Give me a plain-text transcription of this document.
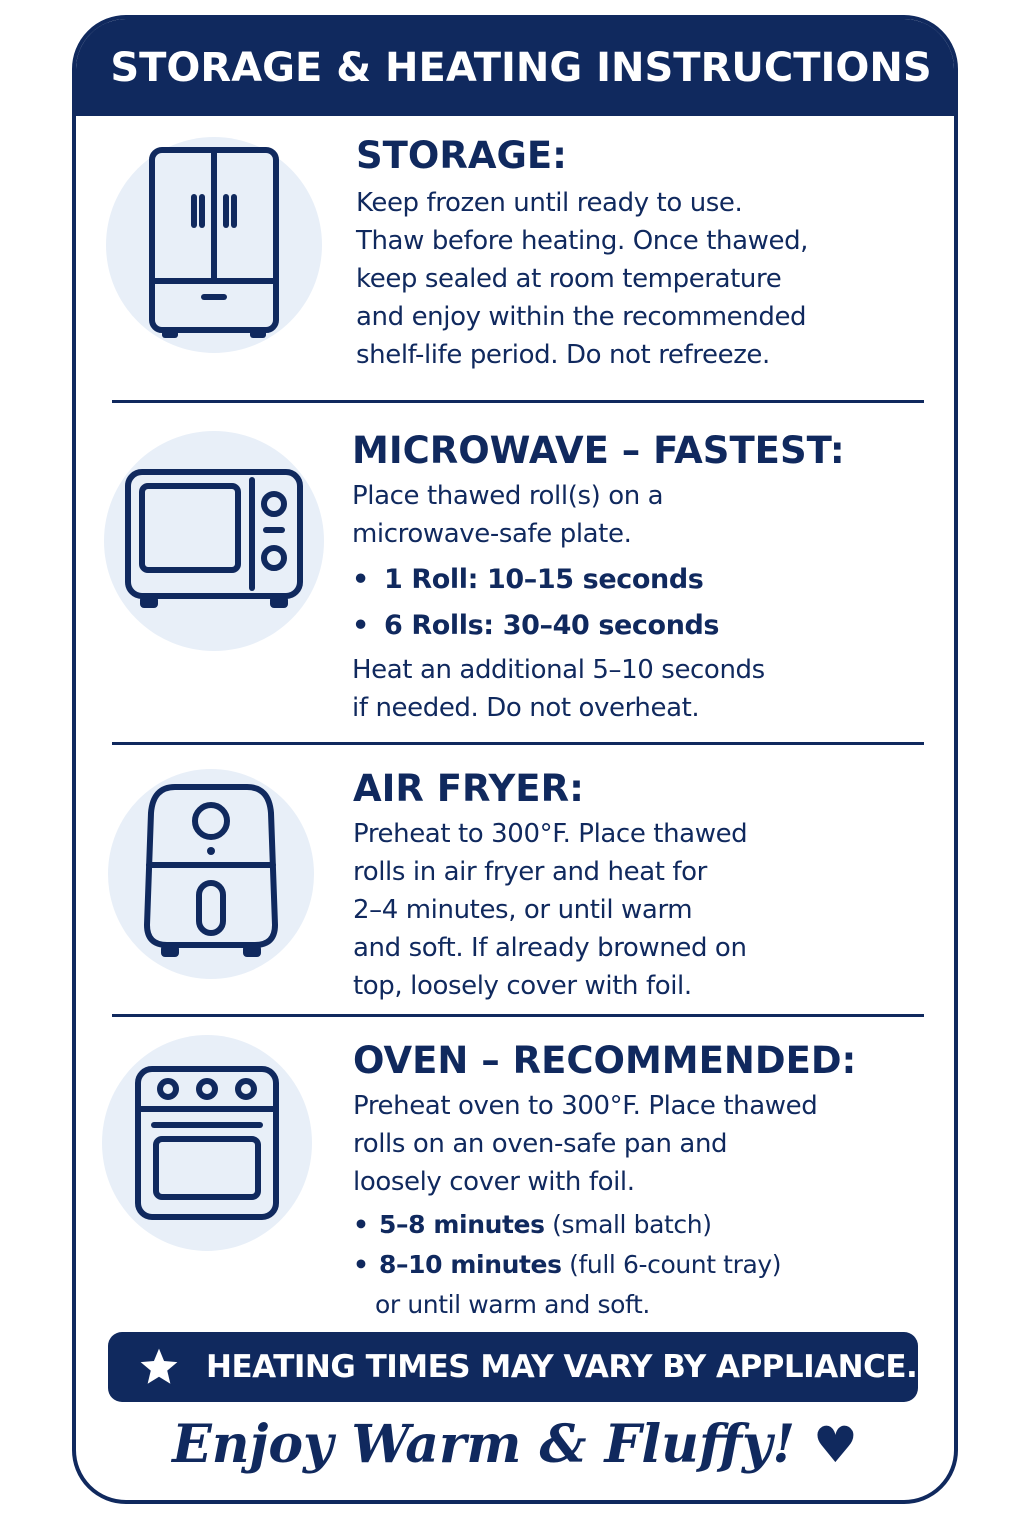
STORAGE & HEATING INSTRUCTIONS
STORAGE:
Keep frozen until ready to use.
Thaw before heating. Once thawed,
keep sealed at room temperature
and enjoy within the recommended
shelf-life period. Do not refreeze.
MICROWAVE – FASTEST:
Place thawed roll(s) on a
microwave-safe plate.
• 1 Roll: 10–15 seconds
• 6 Rolls: 30–40 seconds
Heat an additional 5–10 seconds
if needed. Do not overheat.
AIR FRYER:
Preheat to 300°F. Place thawed
rolls in air fryer and heat for
2–4 minutes, or until warm
and soft. If already browned on
top, loosely cover with foil.
OVEN – RECOMMENDED:
Preheat oven to 300°F. Place thawed
rolls on an oven-safe pan and
loosely cover with foil.
• 5–8 minutes (small batch)
• 8–10 minutes (full 6-count tray)
or until warm and soft.
HEATING TIMES MAY VARY BY APPLIANCE.
Enjoy Warm & Fluffy! ♥
